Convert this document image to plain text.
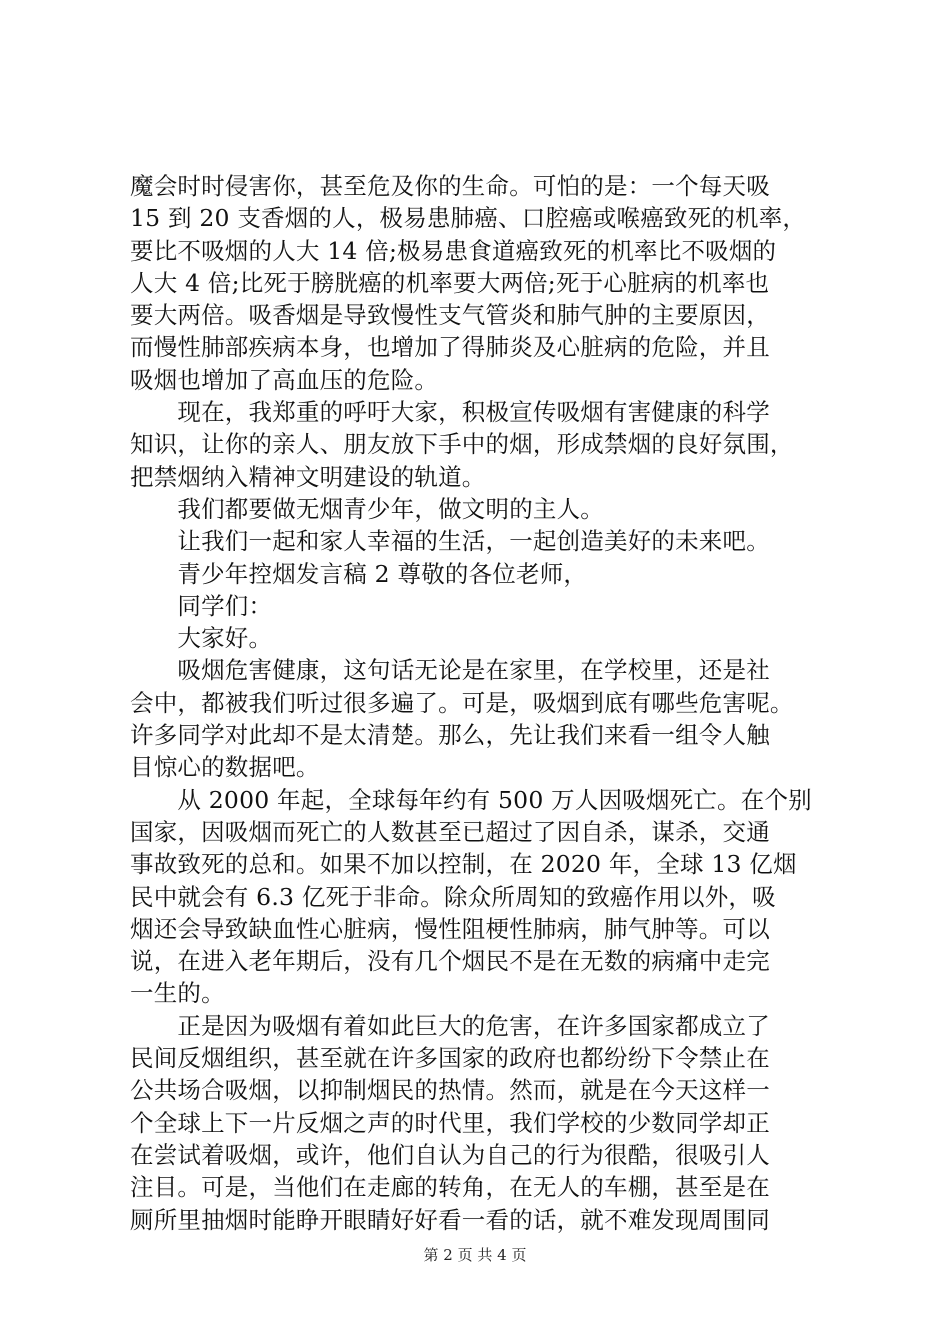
魔会时时侵害你，甚至危及你的生命。可怕的是：一个每天吸
15 到 20 支香烟的人，极易患肺癌、口腔癌或喉癌致死的机率，
要比不吸烟的人大 14 倍;极易患食道癌致死的机率比不吸烟的
人大 4 倍;比死于膀胱癌的机率要大两倍;死于心脏病的机率也
要大两倍。吸香烟是导致慢性支气管炎和肺气肿的主要原因，
而慢性肺部疾病本身，也增加了得肺炎及心脏病的危险，并且
吸烟也增加了高血压的危险。
　　现在，我郑重的呼吁大家，积极宣传吸烟有害健康的科学
知识，让你的亲人、朋友放下手中的烟，形成禁烟的良好氛围，
把禁烟纳入精神文明建设的轨道。
　　我们都要做无烟青少年，做文明的主人。
　　让我们一起和家人幸福的生活，一起创造美好的未来吧。
　　青少年控烟发言稿 2 尊敬的各位老师，
　　同学们：
　　大家好。
　　吸烟危害健康，这句话无论是在家里，在学校里，还是社
会中，都被我们听过很多遍了。可是，吸烟到底有哪些危害呢。
许多同学对此却不是太清楚。那么，先让我们来看一组令人触
目惊心的数据吧。
　　从 2000 年起，全球每年约有 500 万人因吸烟死亡。在个别
国家，因吸烟而死亡的人数甚至已超过了因自杀，谋杀，交通
事故致死的总和。如果不加以控制，在 2020 年，全球 13 亿烟
民中就会有 6.3 亿死于非命。除众所周知的致癌作用以外，吸
烟还会导致缺血性心脏病，慢性阻梗性肺病，肺气肿等。可以
说，在进入老年期后，没有几个烟民不是在无数的病痛中走完
一生的。
　　正是因为吸烟有着如此巨大的危害，在许多国家都成立了
民间反烟组织，甚至就在许多国家的政府也都纷纷下令禁止在
公共场合吸烟，以抑制烟民的热情。然而，就是在今天这样一
个全球上下一片反烟之声的时代里，我们学校的少数同学却正
在尝试着吸烟，或许，他们自认为自己的行为很酷，很吸引人
注目。可是，当他们在走廊的转角，在无人的车棚，甚至是在
厕所里抽烟时能睁开眼睛好好看一看的话，就不难发现周围同
第 2 页 共 4 页
